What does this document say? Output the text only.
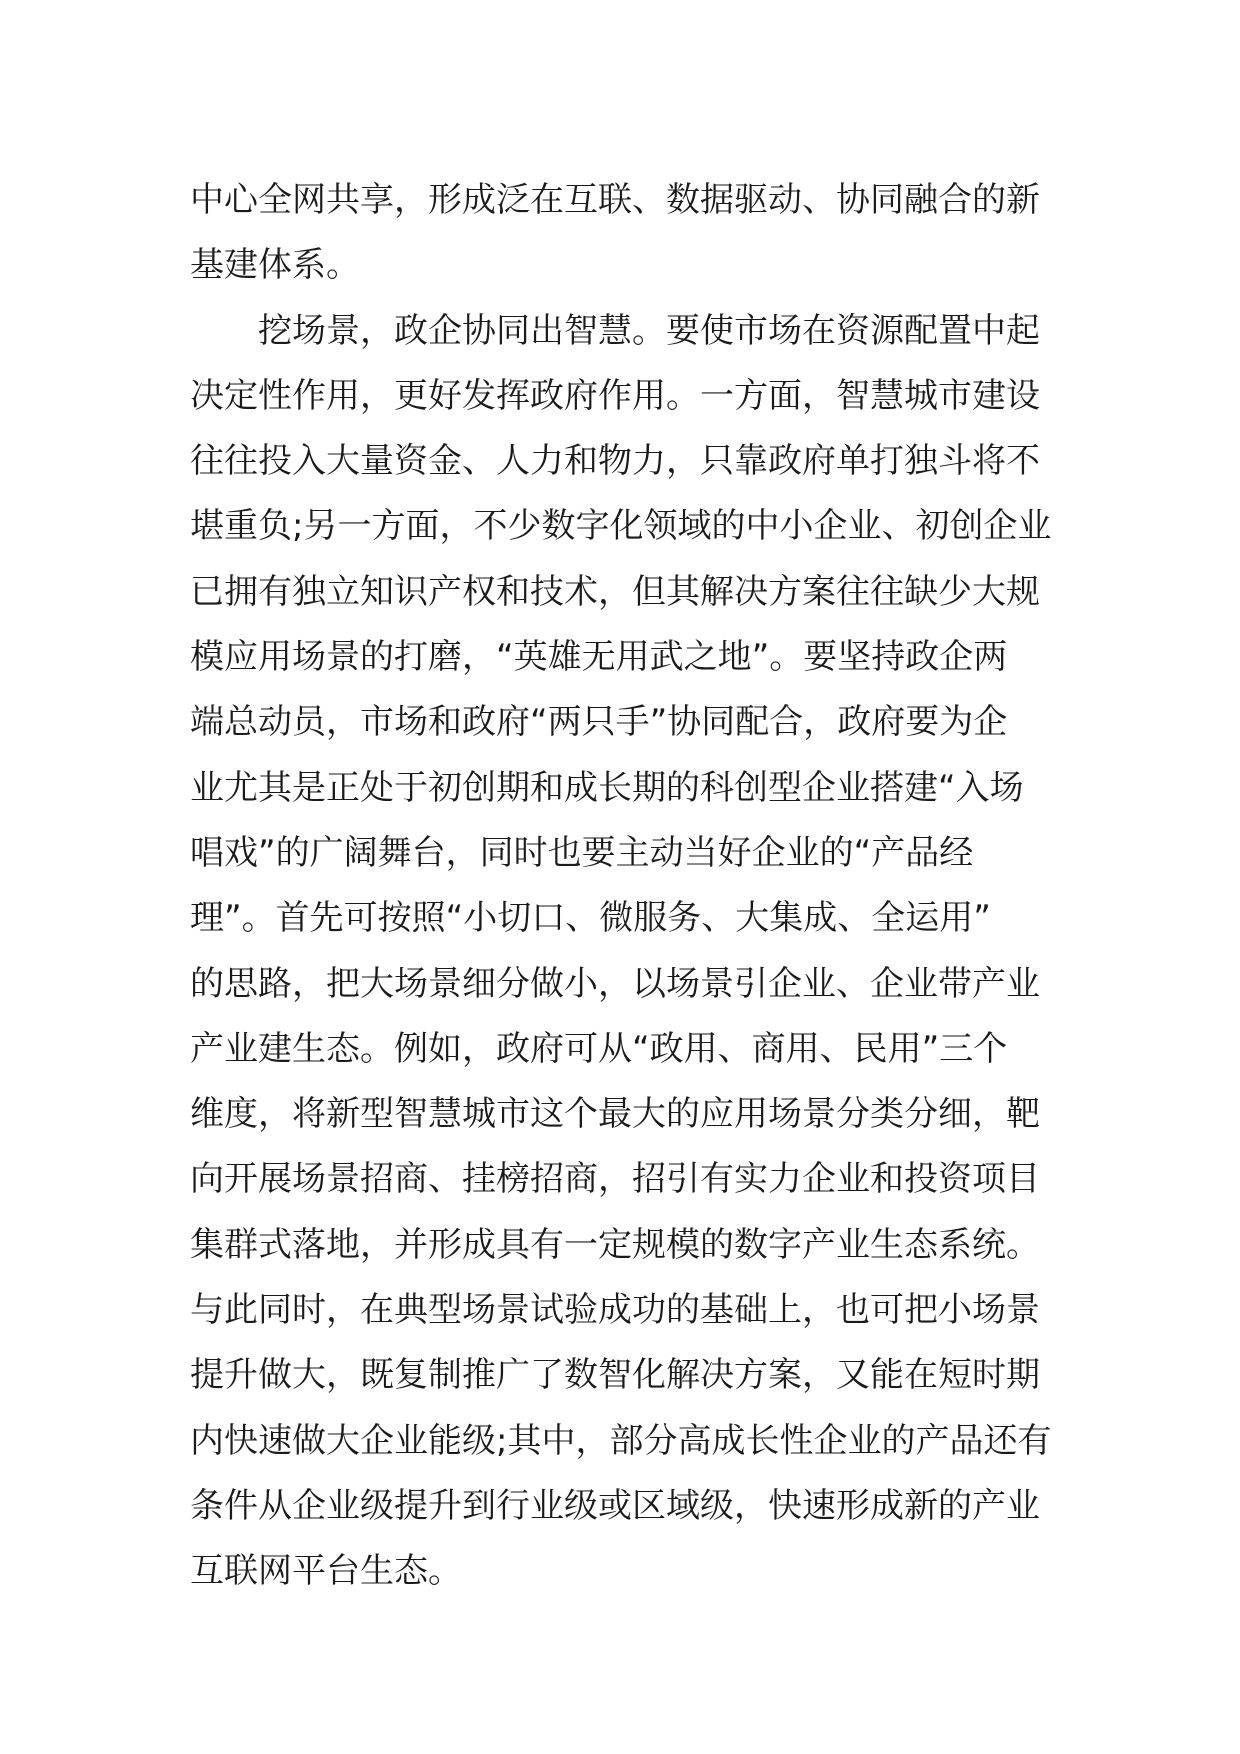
中心全网共享，形成泛在互联、数据驱动、协同融合的新
基建体系。
挖场景，政企协同出智慧。要使市场在资源配置中起
决定性作用，更好发挥政府作用。一方面，智慧城市建设
往往投入大量资金、人力和物力，只靠政府单打独斗将不
堪重负;另一方面，不少数字化领域的中小企业、初创企业
已拥有独立知识产权和技术，但其解决方案往往缺少大规
模应用场景的打磨，“英雄无用武之地”。要坚持政企两
端总动员，市场和政府“两只手”协同配合，政府要为企
业尤其是正处于初创期和成长期的科创型企业搭建“入场
唱戏”的广阔舞台，同时也要主动当好企业的“产品经
理”。首先可按照“小切口、微服务、大集成、全运用”
的思路，把大场景细分做小，以场景引企业、企业带产业
产业建生态。例如，政府可从“政用、商用、民用”三个
维度，将新型智慧城市这个最大的应用场景分类分细，靶
向开展场景招商、挂榜招商，招引有实力企业和投资项目
集群式落地，并形成具有一定规模的数字产业生态系统。
与此同时，在典型场景试验成功的基础上，也可把小场景
提升做大，既复制推广了数智化解决方案，又能在短时期
内快速做大企业能级;其中，部分高成长性企业的产品还有
条件从企业级提升到行业级或区域级，快速形成新的产业
互联网平台生态。
